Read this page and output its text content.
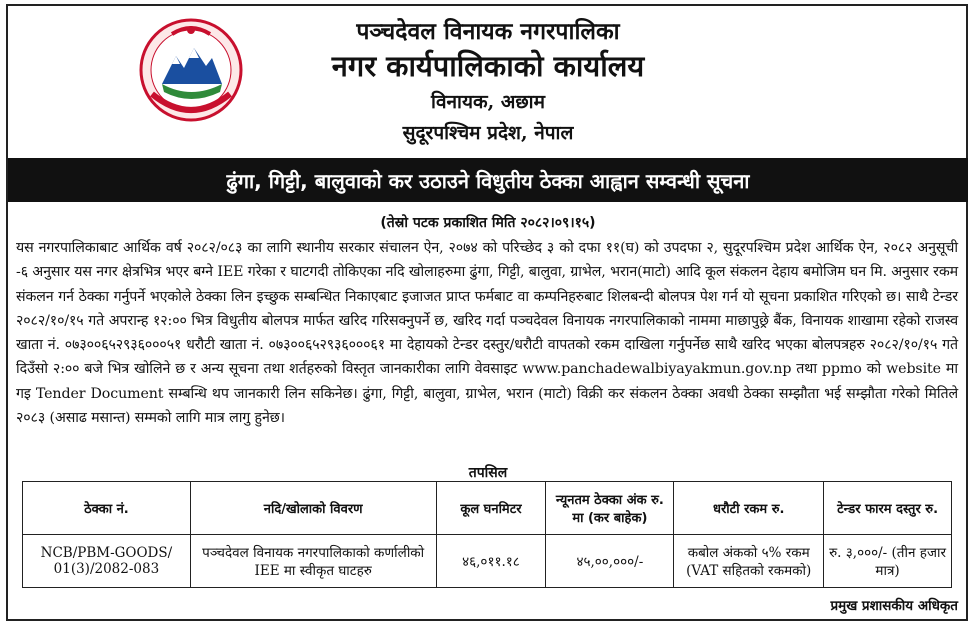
पञ्चदेवल विनायक नगरपालिका
नगर कार्यपालिकाको कार्यालय
विनायक, अछाम
सुदूरपश्चिम प्रदेश, नेपाल
ढुंगा, गिट्टी, बालुवाको कर उठाउने विधुतीय ठेक्का आह्वान सम्वन्धी सूचना
(तेस्रो पटक प्रकाशित मिति २०८२।०९।१५)
यस नगरपालिकाबाट आर्थिक वर्ष २०८२/०८३ का लागि स्थानीय सरकार संचालन ऐन, २०७४ को परिच्छेद ३ को दफा ११(घ) को उपदफा २, सुदूरपश्चिम प्रदेश आर्थिक ऐन, २०८२ अनुसूची -६ अनुसार यस नगर क्षेत्रभित्र भएर बग्ने IEE गरेका र घाटगदी तोकिएका नदि खोलाहरुमा ढुंगा, गिट्टी, बालुवा, ग्राभेल, भरान(माटो) आदि कूल संकलन देहाय बमोजिम घन मि. अनुसार रकम संकलन गर्न ठेक्का गर्नुपर्ने भएकोले ठेक्का लिन इच्छुक सम्बन्धित निकाएबाट इजाजत प्राप्त फर्मबाट वा कम्पनिहरुबाट शिलबन्दी बोलपत्र पेश गर्न यो सूचना प्रकाशित गरिएको छ। साथै टेन्डर २०८२/१०/१५ गते अपरान्ह १२:०० भित्र विधुतीय बोलपत्र मार्फत खरिद गरिसक्नुपर्ने छ, खरिद गर्दा पञ्चदेवल विनायक नगरपालिकाको नाममा माछापुछ्रे बैंक, विनायक शाखामा रहेको राजस्व खाता नं. ०७३००६५२९३६०००५१ धरौटी खाता नं. ०७३००६५२९३६०००६१ मा देहायको टेन्डर दस्तुर/धरौटी वापतको रकम दाखिला गर्नुपर्नेछ साथै खरिद भएका बोलपत्रहरु २०८२/१०/१५ गते दिउँसो २:०० बजे भित्र खोलिने छ र अन्य सूचना तथा शर्तहरुको विस्तृत जानकारीका लागि वेवसाइट www.panchadewalbiyayakmun.gov.np तथा ppmo को website मा गइ Tender Document सम्बन्धि थप जानकारी लिन सकिनेछ। ढुंगा, गिट्टी, बालुवा, ग्राभेल, भरान (माटो) विक्री कर संकलन ठेक्का अवधी ठेक्का सम्झौता भई सम्झौता गरेको मितिले २०८३ (असाढ मसान्त) सम्मको लागि मात्र लागु हुनेछ।
तपसिल
ठेक्का नं.	नदि/खोलाको विवरण	कूल घनमिटर	न्यूनतम ठेक्का अंक रु. मा (कर बाहेक)	धरौटी रकम रु.	टेन्डर फारम दस्तुर रु.
NCB/PBM-GOODS/ 01(3)/2082-083	पञ्चदेवल विनायक नगरपालिकाको कर्णालीको IEE मा स्वीकृत घाटहरु	४६,०११.१८	४५,००,०००/-	कबोल अंकको ५% रकम (VAT सहितको रकमको)	रु. ३,०००/- (तीन हजार मात्र)
प्रमुख प्रशासकीय अधिकृत
